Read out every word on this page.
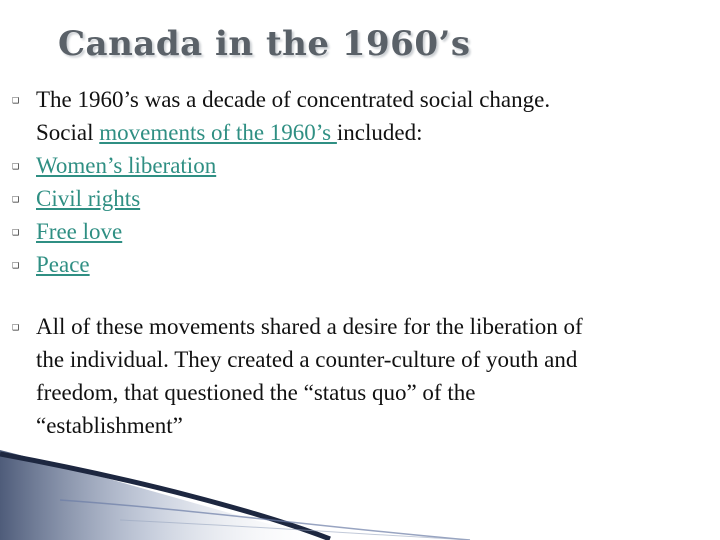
Canada in the 1960’s
❑ The 1960’s was a decade of concentrated social change. Social movements of the 1960’s included:
❑ Women’s liberation
❑ Civil rights
❑ Free love
❑ Peace
❑ All of these movements shared a desire for the liberation of the individual. They created a counter-culture of youth and freedom, that questioned the “status quo” of the “establishment”
